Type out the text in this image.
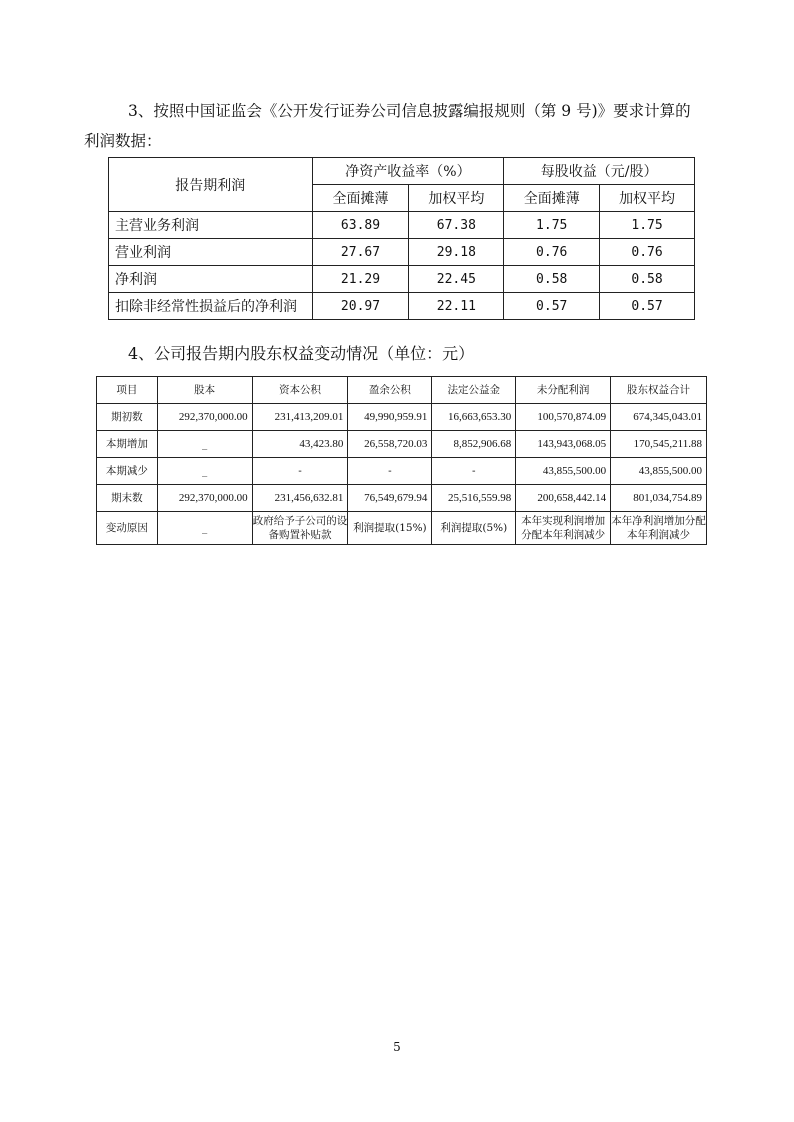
3、按照中国证监会《公开发行证券公司信息披露编报规则（第 9 号)》要求计算的
利润数据：
报告期利润	净资产收益率（%）		每股收益（元/股）	
	全面摊薄	加权平均	全面摊薄	加权平均
主营业务利润	63.89	67.38	1.75	1.75
营业利润	27.67	29.18	0.76	0.76
净利润	21.29	22.45	0.58	0.58
扣除非经常性损益后的净利润	20.97	22.11	0.57	0.57
4、公司报告期内股东权益变动情况（单位：元）
项目	股本	资本公积	盈余公积	法定公益金	未分配利润	股东权益合计
期初数	292,370,000.00	231,413,209.01	49,990,959.91	16,663,653.30	100,570,874.09	674,345,043.01
本期增加	_	43,423.80	26,558,720.03	8,852,906.68	143,943,068.05	170,545,211.88
本期减少	_	-	-	-	43,855,500.00	43,855,500.00
期末数	292,370,000.00	231,456,632.81	76,549,679.94	25,516,559.98	200,658,442.14	801,034,754.89
变动原因	_	政府给予子公司的设备购置补贴款	利润提取(15%)	利润提取(5%)	本年实现利润增加分配本年利润减少	本年净利润增加分配本年利润减少
5
